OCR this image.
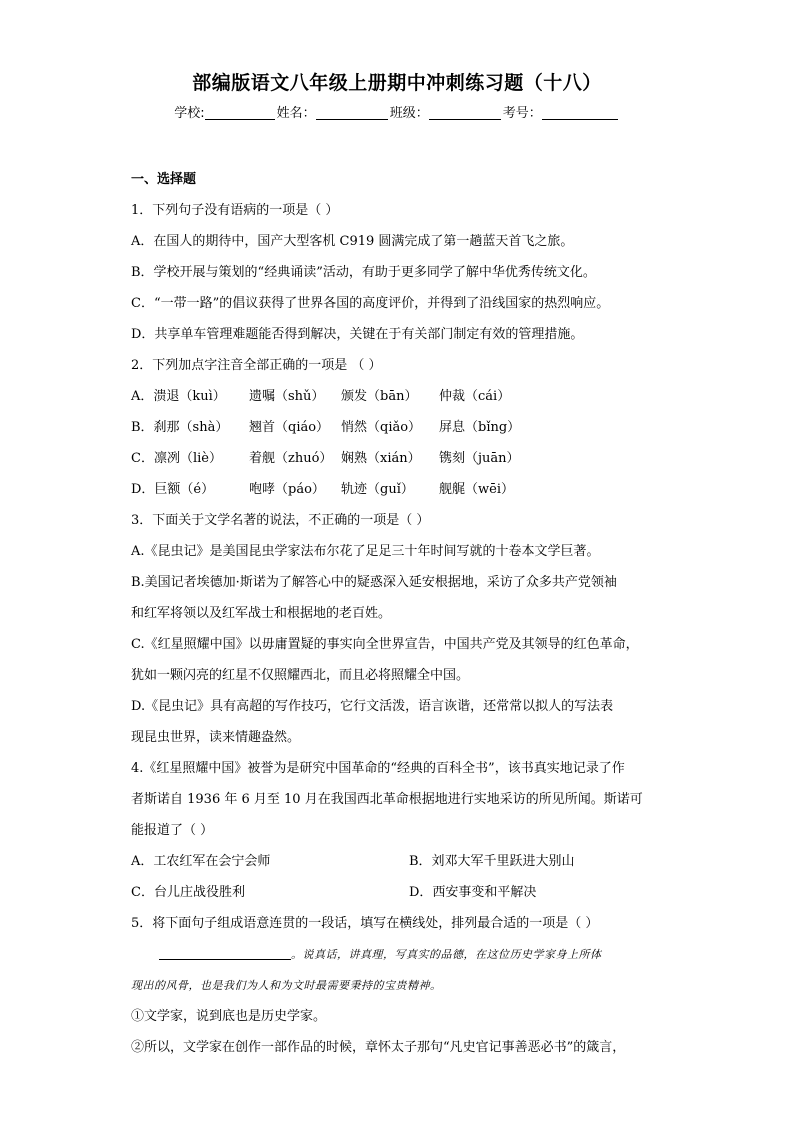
部编版语文八年级上册期中冲刺练习题（十八）
学校:	姓名：	班级：	考号：
一、选择题
1．下列句子没有语病的一项是（ ）
A．在国人的期待中，国产大型客机 C919 圆满完成了第一趟蓝天首飞之旅。
B．学校开展与策划的“经典诵读”活动，有助于更多同学了解中华优秀传统文化。
C．“一带一路”的倡议获得了世界各国的高度评价，并得到了沿线国家的热烈响应。
D．共享单车管理难题能否得到解决，关键在于有关部门制定有效的管理措施。
2．下列加点字注音全部正确的一项是 （ ）
A．溃退（kuì） 遗嘱（shǔ） 颁发（bān） 仲裁（cái）
B．刹那（shà） 翘首（qiáo） 悄然（qiǎo） 屏息（bǐng）
C．凛冽（liè） 着舰（zhuó） 娴熟（xián） 镌刻（juān）
D．巨额（é）	咆哮（páo） 轨迹（guǐ） 舰艉（wēi）
3．下面关于文学名著的说法，不正确的一项是（ ）
A.《昆虫记》是美国昆虫学家法布尔花了足足三十年时间写就的十卷本文学巨著。
B.美国记者埃德加·斯诺为了解答心中的疑惑深入延安根据地，采访了众多共产党领袖
和红军将领以及红军战士和根据地的老百姓。
C.《红星照耀中国》以毋庸置疑的事实向全世界宣告，中国共产党及其领导的红色革命，
犹如一颗闪亮的红星不仅照耀西北，而且必将照耀全中国。
D.《昆虫记》具有高超的写作技巧，它行文活泼，语言诙谐，还常常以拟人的写法表
现昆虫世界，读来情趣盎然。
4.《红星照耀中国》被誉为是研究中国革命的“经典的百科全书”，该书真实地记录了作
者斯诺自 1936 年 6 月至 10 月在我国西北革命根据地进行实地采访的所见所闻。斯诺可
能报道了（ ）
A．工农红军在会宁会师	B．刘邓大军千里跃进大别山
C．台儿庄战役胜利	D．西安事变和平解决
5．将下面句子组成语意连贯的一段话，填写在横线处，排列最合适的一项是（ ）
。说真话，讲真理，写真实的品德，在这位历史学家身上所体
现出的风骨，也是我们为人和为文时最需要秉持的宝贵精神。
①文学家，说到底也是历史学家。
②所以，文学家在创作一部作品的时候，章怀太子那句“凡史官记事善恶必书”的箴言，
